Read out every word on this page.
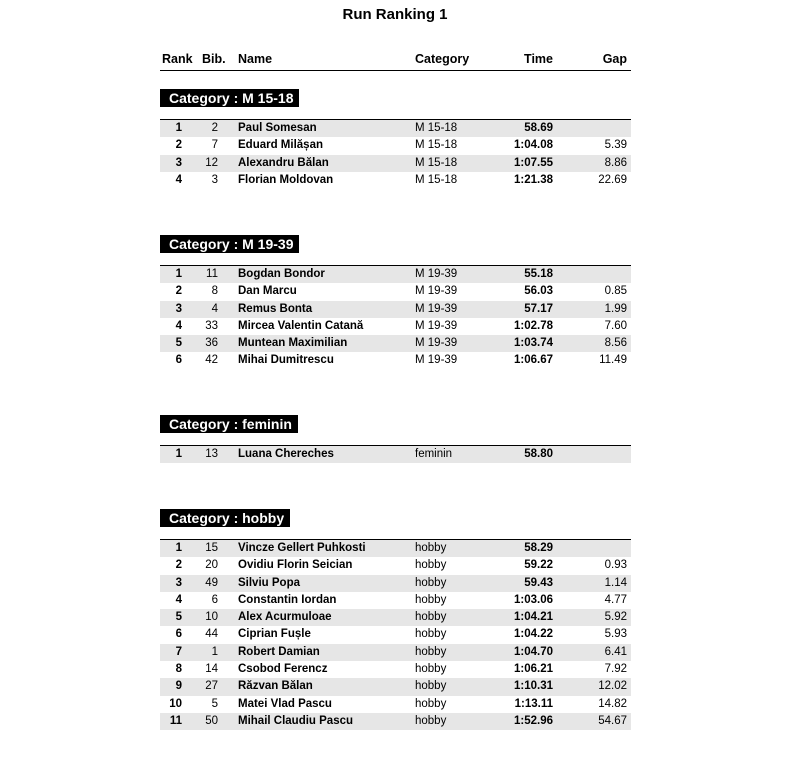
Run Ranking 1
Rank Bib. Name	Category	Time	Gap
Category : M 15-18
1	2 Paul Somesan	M 15-18	58.69
2	7 Eduard Milășan	M 15-18	1:04.08	5.39
3	12 Alexandru Bălan	M 15-18	1:07.55	8.86
4	3 Florian Moldovan	M 15-18	1:21.38	22.69
Category : M 19-39
1	11 Bogdan Bondor	M 19-39	55.18
2	8 Dan Marcu	M 19-39	56.03	0.85
3	4 Remus Bonta	M 19-39	57.17	1.99
4	33 Mircea Valentin Catană	M 19-39	1:02.78	7.60
5	36 Muntean Maximilian	M 19-39	1:03.74	8.56
6	42 Mihai Dumitrescu	M 19-39	1:06.67	11.49
Category : feminin
1	13 Luana Chereches	feminin	58.80
Category : hobby
1	15 Vincze Gellert Puhkosti	hobby	58.29
2	20 Ovidiu Florin Seician	hobby	59.22	0.93
3	49 Silviu Popa	hobby	59.43	1.14
4	6 Constantin Iordan	hobby	1:03.06	4.77
5	10 Alex Acurmuloae	hobby	1:04.21	5.92
6	44 Ciprian Fușle	hobby	1:04.22	5.93
7	1 Robert Damian	hobby	1:04.70	6.41
8	14 Csobod Ferencz	hobby	1:06.21	7.92
9	27 Răzvan Bălan	hobby	1:10.31	12.02
10	5 Matei Vlad Pascu	hobby	1:13.11	14.82
11	50 Mihail Claudiu Pascu	hobby	1:52.96	54.67
